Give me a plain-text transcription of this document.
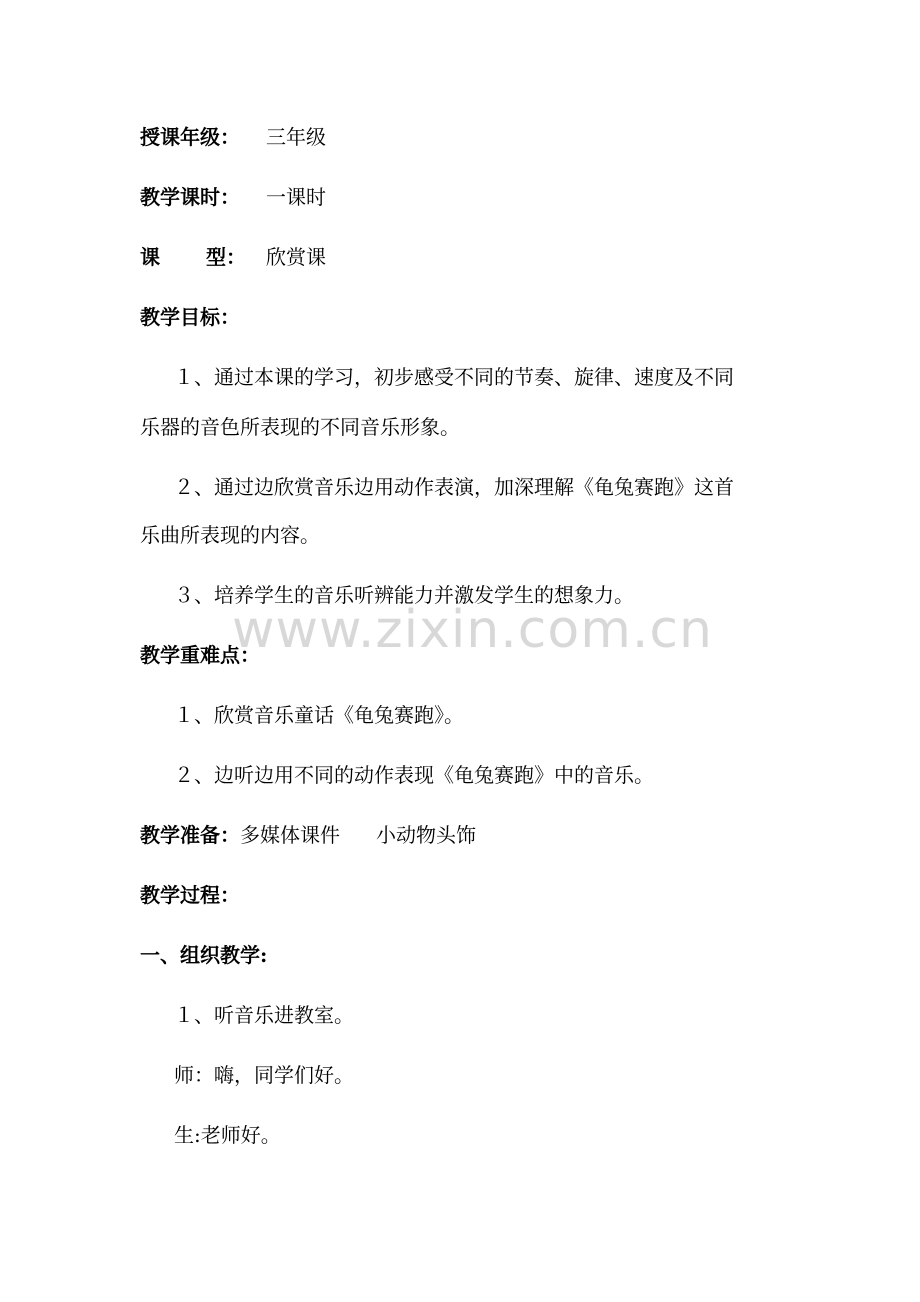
授课年级： 三年级
教学课时： 一课时
课 型： 欣赏课
教学目标：
１、通过本课的学习，初步感受不同的节奏、旋律、速度及不同
乐器的音色所表现的不同音乐形象。
２、通过边欣赏音乐边用动作表演，加深理解《龟兔赛跑》这首
乐曲所表现的内容。
３、培养学生的音乐听辨能力并激发学生的想象力。
教学重难点：
１、欣赏音乐童话《龟兔赛跑》。
２、边听边用不同的动作表现《龟兔赛跑》中的音乐。
教学准备：多媒体课件 小动物头饰
教学过程：
一、组织教学:
１、听音乐进教室。
师：嗨，同学们好。
生:老师好。
www.zixin.com.cn
